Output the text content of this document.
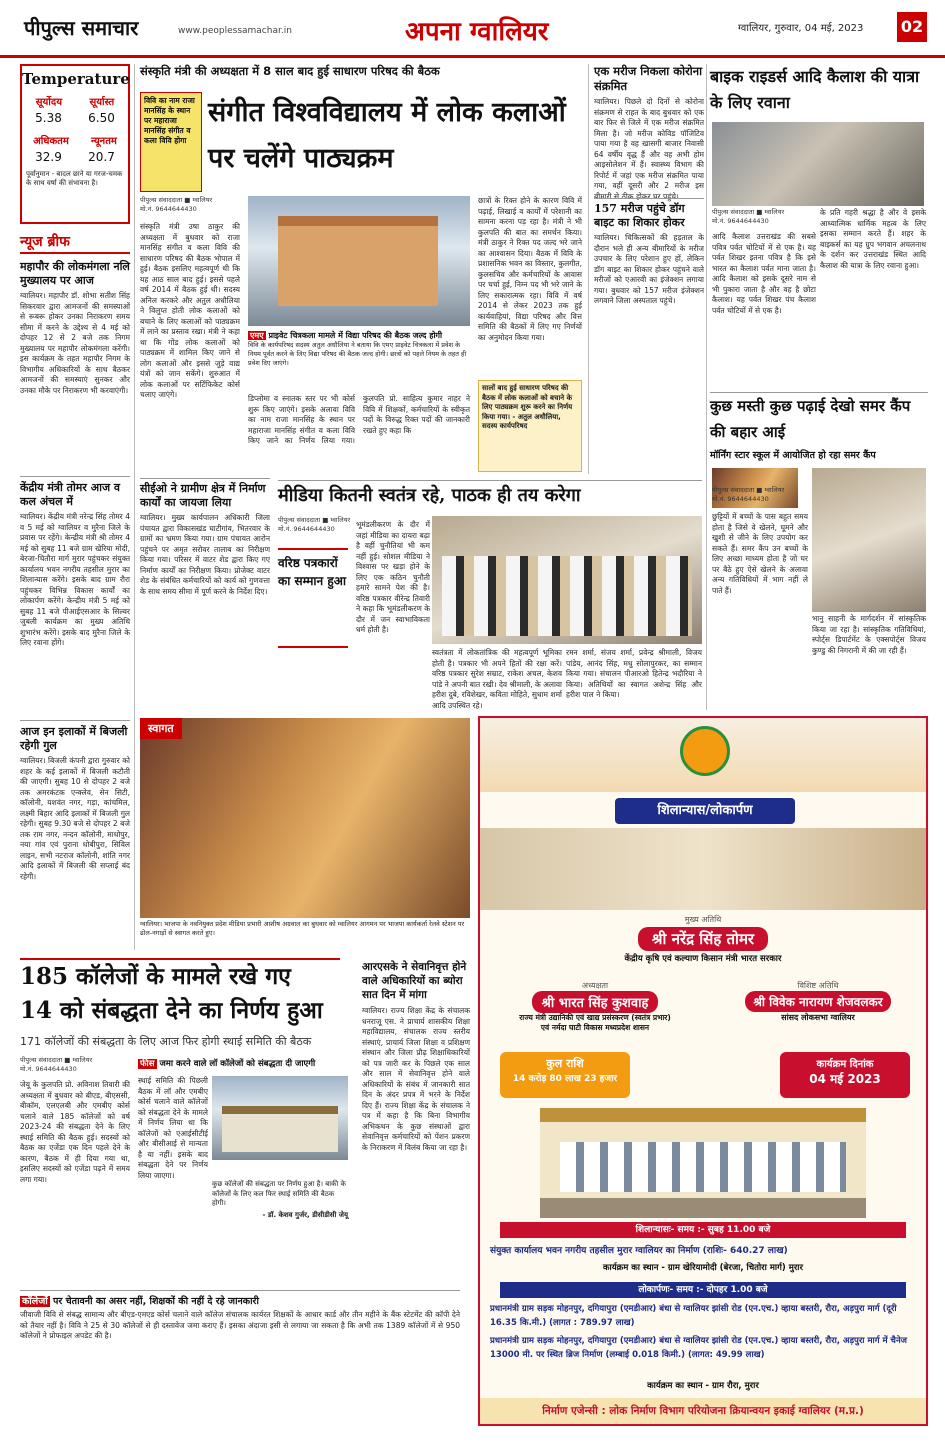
पीपुल्स समाचार	www.peoplessamachar.in	अपना ग्वालियर	ग्वालियर, गुरुवार, 04 मई, 2023 02
Temperature
सूर्योदय	सूर्यास्त
5.38 6.50
अधिकतम न्यूनतम
32.9 20.7
पूर्वानुमान - बादल छाने या गरज-चमक के साथ वर्षा की संभावना है।
न्यूज ब्रीफ
महापौर की लोकमंगला नलि मुख्यालय पर आज
ग्वालियर। महापौर डॉ. शोभा सतीश सिंह सिकरवार द्वारा आमजनों की समस्याओं से रूबरू होकर उनका निराकरण समय सीमा में करने के उद्देश्य से 4 मई को दोपहर 12 से 2 बजे तक निगम मुख्यालय पर महापौर लोकमंगला करेंगी। इस कार्यक्रम के तहत महापौर निगम के विभागीय अधिकारियों के साथ बैठकर आमजनों की समस्याएं सुनकर और उनका मौके पर निराकरण भी करवाएंगी।
केंद्रीय मंत्री तोमर आज व कल अंचल में
ग्वालियर। केंद्रीय मंत्री नरेन्द्र सिंह तोमर 4 व 5 मई को ग्वालियर व मुरैना जिले के प्रवास पर रहेंगे। केन्द्रीय मंत्री श्री तोमर 4 मई को सुबह 11 बजे ग्राम खेरिया मोदी, बेरजा-चितौरा मार्ग मुरार पहुंचकर संयुक्त कार्यालय भवन नगरीय तहसील मुरार का शिलान्यास करेंगे। इसके बाद ग्राम रौरा पहुंचकर विभिन्न विकास कार्यों का लोकार्पण करेंगे। केन्द्रीय मंत्री 5 मई को सुबह 11 बजे पीआईएसआर के सिल्वर जुबली कार्यक्रम का मुख्य अतिथि शुभारंभ करेंगे। इसके बाद मुरैना जिले के लिए रवाना होंगे।
आज इन इलाकों में बिजली रहेगी गुल
ग्वालियर। बिजली कंपनी द्वारा गुरुवार को शहर के कई इलाकों में बिजली कटौती की जाएगी। सुबह 10 से दोपहर 2 बजे तक अमरकंटक एन्क्लेव, सेन सिटी, कॉलोनी, यशवंत नगर, गड़ा, कांचमिल, लक्ष्मी बिहार आदि इलाकों में बिजली गुल रहेगी। सुबह 9.30 बजे से दोपहर 2 बजे तक राम नगर, नन्दन कॉलोनी, माधोपुर, नया गांव एवं पुराना धोबीपुरा, सिविल लाइन, सभी नटराज कॉलोनी, शांति नगर आदि इलाकों में बिजली की सप्लाई बंद रहेगी।
संस्कृति मंत्री की अध्यक्षता में 8 साल बाद हुई साधारण परिषद की बैठक
विवि का नाम राजा मानसिंह के स्थान पर महाराजा मानसिंह संगीत व कला विवि होगा
संगीत विश्वविद्यालय में लोक कलाओं पर चलेंगे पाठ्यक्रम
पीपुल्स संवाददाता ■ ग्वालियर
मो.नं. 9644644430
संस्कृति मंत्री उषा ठाकुर की अध्यक्षता में बुधवार को राजा मानसिंह संगीत व कला विवि की साधारण परिषद की बैठक भोपाल में हुई। बैठक इसलिए महत्वपूर्ण थी कि यह आठ साल बाद हुई। इससे पहले वर्ष 2014 में बैठक हुई थी। सदस्य अनिल करकरे और अतुल अधौलिया ने विलुप्त होती लोक कलाओं को बचाने के लिए कलाओं को पाठ्यक्रम में लाने का प्रस्ताव रखा। मंत्री ने कहा था कि गोंड लोक कलाओं को पाठ्यक्रम में शामिल किए जाने से लोग कलाओं और इससे जुड़े वाद्य यंत्रों को जान सकेंगे। शुरुआत में लोक कलाओं पर सर्टिफिकेट कोर्स चलाए जाएंगे।
एमए प्राइवेट चित्रकला मामले में विद्या परिषद की बैठक जल्द होगी
विवि के कार्यपरिषद सदस्य अतुल अधौलिया ने बताया कि एमए प्राइवेट चित्रकला में प्रवेश के नियम पूर्वत करने के लिए विद्या परिषद की बैठक जल्द होगी। छात्रों को पहले नियम के तहत ही प्रवेश दिए जाएंगे।
सालों बाद हुई साधारण परिषद की बैठक में लोक कलाओं को बचाने के लिए पाठ्यक्रम शुरू करने का निर्णय किया गया। - अतुल अधौलिया, सदस्य कार्यपरिषद
छात्रों के रिक्त होने के कारण विवि में पढ़ाई, लिखाई व कार्यों में परेशानी का सामना करना पड़ रहा है। मंत्री ने भी कुलपति की बात का समर्थन किया। मंत्री ठाकुर ने रिक्त पद जल्द भरे जाने का आश्वासन दिया। बैठक में विवि के प्रशासनिक भवन का विस्तार, कुलगीत, कुलसचिव और कर्मचारियों के आवास पर चर्चा हुई, निम्न पद भी भरे जाने के लिए सकारात्मक रहा। विवि में वर्ष 2014 से लेकर 2023 तक हुई कार्यवाहियां, विद्या परिषद और वित्त समिति की बैठकों में लिए गए निर्णयों का अनुमोदन किया गया।
डिप्लोमा व स्नातक स्तर पर भी कोर्स शुरू किए जाएंगे। इसके अलावा विवि का नाम राजा मानसिंह के स्थान पर महाराजा मानसिंह संगीत व कला विवि किए जाने का निर्णय लिया गया। कुलपति प्रो. साहित्य कुमार नाहर ने विवि में शिक्षकों, कर्मचारियों के स्वीकृत पदों के विरुद्ध रिक्त पदों की जानकारी रखते हुए कहा कि
सीईओ ने ग्रामीण क्षेत्र में निर्माण कार्यों का जायजा लिया
ग्वालियर। मुख्य कार्यपालन अधिकारी जिला पंचायत द्वारा विकासखंड घाटीगांव, भितरवार के ग्रामों का भ्रमण किया गया। ग्राम पंचायत आरोन पहुंचने पर अमृत सरोवर तालाब का निरीक्षण किया गया। परिसर में वाटर शेड द्वारा किए गए निर्माण कार्यों का निरीक्षण किया। प्रोजेक्ट वाटर शेड के संबंधित कर्मचारियों को कार्य को गुणवत्ता के साथ समय सीमा में पूर्ण करने के निर्देश दिए।
मीडिया कितनी स्वतंत्र रहे, पाठक ही तय करेगा
पीपुल्स संवाददाता ■ ग्वालियर
मो.नं. 9644644430
वरिष्ठ पत्रकारों का सम्मान हुआ
भूमंडलीकरण के दौर में जहां मीडिया का दायरा बढ़ा है वहीं चुनौतियां भी कम नहीं हुई। सोशल मीडिया ने विश्वास पर खड़ा होने के लिए एक कठिन चुनौती हमारे सामने पेश की है। वरिष्ठ पत्रकार वीरेन्द्र तिवारी ने कहा कि भूमंडलीकरण के दौर में जन स्वाभाविकता धर्म होती है।
स्वतंत्रता में लोकतांत्रिक की महत्वपूर्ण भूमिका होती है। पत्रकार भी अपने हितों की रक्षा करें। वरिष्ठ पत्रकार सुरेश सम्राट, राकेश अचल, केशव पांडे ने अपनी बात रखी। देव श्रीमाली, के अलावा हरीश दुबे, रविशेखर, कविता मोहिते, सुधाम शर्मा आदि उपस्थित रहे।
रमन शर्मा, संजय शर्मा, प्रवेन्द्र श्रीमाली, विजय पांडेय, आनंद सिंह, मधु सोलापुरकर, का सम्मान किया गया। संचालन पीआरओ हितेन्द्र भदौरिया ने किया। अतिथियों का स्वागत अशेन्द्र सिंह और हरीश पाल ने किया।
एक मरीज निकला कोरोना संक्रमित
ग्वालियर। पिछले दो दिनों से कोरोना संक्रमण से राहत के बाद बुधवार को एक बार फिर से जिले में एक मरीज संक्रमित मिला है। जो मरीज कोविड पॉजिटिव पाया गया है वह खासगी बाजार निवासी 64 वर्षीय वृद्ध हैं और वह अभी होम आइसोलेशन में हैं। स्वास्थ्य विभाग की रिपोर्ट में जहां एक मरीज संक्रमित पाया गया, वहीं दूसरी और 2 मरीज इस बीमारी से ठीक होकर घर पहुंचे।
157 मरीज पहुंचे डॉग बाइट का शिकार होकर
ग्वालियर। चिकित्सकों की हड़ताल के दौरान भले ही अन्य बीमारियों के मरीज उपचार के लिए परेशान हुए हों, लेकिन डॉग बाइट का शिकार होकर पहुंचने वाले मरीजों को एआरवी का इंजेक्शन लगाया गया। बुधवार को 157 मरीज इंजेक्शन लगवाने जिला अस्पताल पहुंचे।
बाइक राइडर्स आदि कैलाश की यात्रा के लिए रवाना
पीपुल्स संवाददाता ■ ग्वालियर
मो.नं. 9644644430
आदि कैलाश उत्तराखंड की सबसे पवित्र पर्वत चोटियों में से एक है। यह पर्वत शिखर इतना पवित्र है कि इसे भारत का कैलाश पर्वत माना जाता है। आदि कैलाश को इसके दूसरे नाम से भी पुकारा जाता है और वह है छोटा कैलाश। यह पर्वत शिखर पंच कैलाश पर्वत चोटियों में से एक है।
के प्रति गहरी श्रद्धा है और वे इसके आध्यात्मिक धार्मिक महत्व के लिए इसका सम्मान करते हैं। शहर के बाइकर्स का यह ग्रुप भगवान अचलनाथ के दर्शन कर उत्तराखंड स्थित आदि कैलाश की यात्रा के लिए रवाना हुआ।
कुछ मस्ती कुछ पढ़ाई देखो समर कैंप की बहार आई
मॉर्निंग स्टार स्कूल में आयोजित हो रहा समर कैंप
पीपुल्स संवाददाता ■ ग्वालियर
मो.नं. 9644644430
छुट्टियों में बच्चों के पास बहुत समय होता है जिसे वे खेलने, घूमने और खुशी से जीने के लिए उपयोग कर सकते हैं। समर कैंप उन बच्चों के लिए अच्छा माध्यम होता है जो घर पर बैठे हुए ऐसे खेलने के अलावा अन्य गतिविधियों में भाग नहीं ले पाते हैं।
भानु साहनी के मार्गदर्शन में सांस्कृतिक किया जा रहा है। सांस्कृतिक गतिविधियां, स्पोर्ट्स डिपार्टमेंट के एक्सपोर्ट्स विजय कुण्डु की निगरानी में की जा रही हैं।
स्वागत
ग्वालियर। भाजपा के नवनियुक्त प्रदेश मीडिया प्रभारी आशीष अग्रवाल का बुधवार को ग्वालियर आगमन पर भाजपा कार्यकर्ता रेलवे स्टेशन पर ढोल-नगाड़ों से स्वागत करते हुए।
185 कॉलेजों के मामले रखे गए
14 को संबद्धता देने का निर्णय हुआ
171 कॉलेजों की संबद्धता के लिए आज फिर होगी स्थाई समिति की बैठक
पीपुल्स संवाददाता ■ ग्वालियर
मो.नं. 9644644430
जेयू के कुलपति प्रो. अविनाश तिवारी की अध्यक्षता में बुधवार को बीएड, बीएससी, बीकॉम, एलएलबी और एमबीए कोर्स चलाने वाले 185 कॉलेजों को वर्ष 2023-24 की संबद्धता देने के लिए स्थाई समिति की बैठक हुई। सदस्यों को बैठक का एजेंडा एक दिन पहले देने के कारण, बैठक में ही दिया गया था, इसलिए सदस्यों को एजेंडा पढ़ने में समय लगा गया।
फीस जमा करने वाले लॉ कॉलेजों को संबद्धता दी जाएगी
स्थाई समिति की पिछली बैठक में लॉ और एमबीए कोर्स चलाने वाले कॉलेजों को संबद्धता देने के मामले में निर्णय लिया था कि कॉलेजों को एआईसीटीई और बीसीआई से मान्यता है या नहीं। इसके बाद संबद्धता देने पर निर्णय लिया जाएगा।
कुछ कॉलेजों की संबद्धता पर निर्णय हुआ है। बाकी के कॉलेजों के लिए कल फिर स्थाई समिति की बैठक होगी।
- डॉ. केशव गुर्जर, डीसीडीसी जेयू
कॉलेजों पर चेतावनी का असर नहीं, शिक्षकों की नहीं दे रहे जानकारी
जीवाजी विवि से संबद्ध सामान्य और बीएड-एमएड कोर्स चलाने वाले कॉलेज संचालक कार्यरत शिक्षकों के आधार कार्ड और तीन महीने के बैंक स्टेटमेंट की कॉपी देने को तैयार नहीं है। विवि ने 25 से 30 कॉलेजों से ही दस्तावेज जमा कराए हैं। इसका अंदाजा इसी से लगाया जा सकता है कि अभी तक 1389 कॉलेजों में से 950 कॉलेजों ने प्रोफाइल अपडेट की है।
आरएसके ने सेवानिवृत्त होने वाले अधिकारियों का ब्योरा सात दिन में मांगा
ग्वालियर। राज्य शिक्षा केंद्र के संचालक धनराजू एस. ने प्राचार्य शासकीय शिक्षा महाविद्यालय, संचालक राज्य स्तरीय संस्थाएं, प्राचार्य जिला शिक्षा व प्रशिक्षण संस्थान और जिला प्रौढ़ शिक्षाधिकारियों को पत्र जारी कर के पिछले एक साल और साल में सेवानिवृत्त होने वाले अधिकारियों के संबंध में जानकारी सात दिन के अंदर प्रपत्र में भरने के निर्देश दिए हैं। राज्य शिक्षा केंद्र के संचालक ने पत्र में कहा है कि बिना विभागीय अभिकथन के कुछ संस्थाओं द्वारा सेवानिवृत्त कर्मचारियों को पेंशन प्रकरण के निराकरण में विलंब किया जा रहा है।
शिलान्यास/लोकार्पण
मुख्य अतिथि
श्री नरेंद्र सिंह तोमर
केंद्रीय कृषि एवं कल्याण किसान मंत्री भारत सरकार
अध्यक्षता
श्री भारत सिंह कुशवाह
राज्य मंत्री उद्यानिकी एवं खाद्य प्रसंस्करण (स्वतंत्र प्रभार)
एवं नर्मदा घाटी विकास मध्यप्रदेश शासन
विशिष्ट अतिथि
श्री विवेक नारायण शेजवलकर
सांसद लोकसभा ग्वालियर
कुल राशि
14 करोड़ 80 लाख 23 हजार
कार्यक्रम दिनांक
04 मई 2023
शिलान्यासः- समय :- सुबह 11.00 बजे
संयुक्त कार्यालय भवन नगरीय तहसील मुरार ग्वालियर का निर्माण (राशिः- 640.27 लाख)
कार्यक्रम का स्थान - ग्राम खेरियामोदी (बेरजा, चितोरा मार्ग) मुरार
लोकार्पणः- समय :- दोपहर 1.00 बजे
प्रधानमंत्री ग्राम सड़क मोहनपुर, दगियापुरा (एमडीआर) बंधा से ग्वालियर झांसी रोड (एन.एच.) व्हाया बस्तरी, रौरा, अड़पुरा मार्ग (दूरी 16.35 कि.मी.) (लागत : 789.97 लाख)
प्रधानमंत्री ग्राम सड़क मोहनपुर, दगियापुरा (एमडीआर) बंधा से ग्वालियर झांसी रोड (एन.एच.) व्हाया बस्तरी, रौरा, अड़पुरा मार्ग में चैनेज 13000 मी. पर स्थित ब्रिज निर्माण (लम्बाई 0.018 किमी.) (लागत: 49.99 लाख)
कार्यक्रम का स्थान - ग्राम रौरा, मुरार
निर्माण एजेन्सी : लोक निर्माण विभाग परियोजना क्रियान्वयन इकाई ग्वालियर (म.प्र.)
